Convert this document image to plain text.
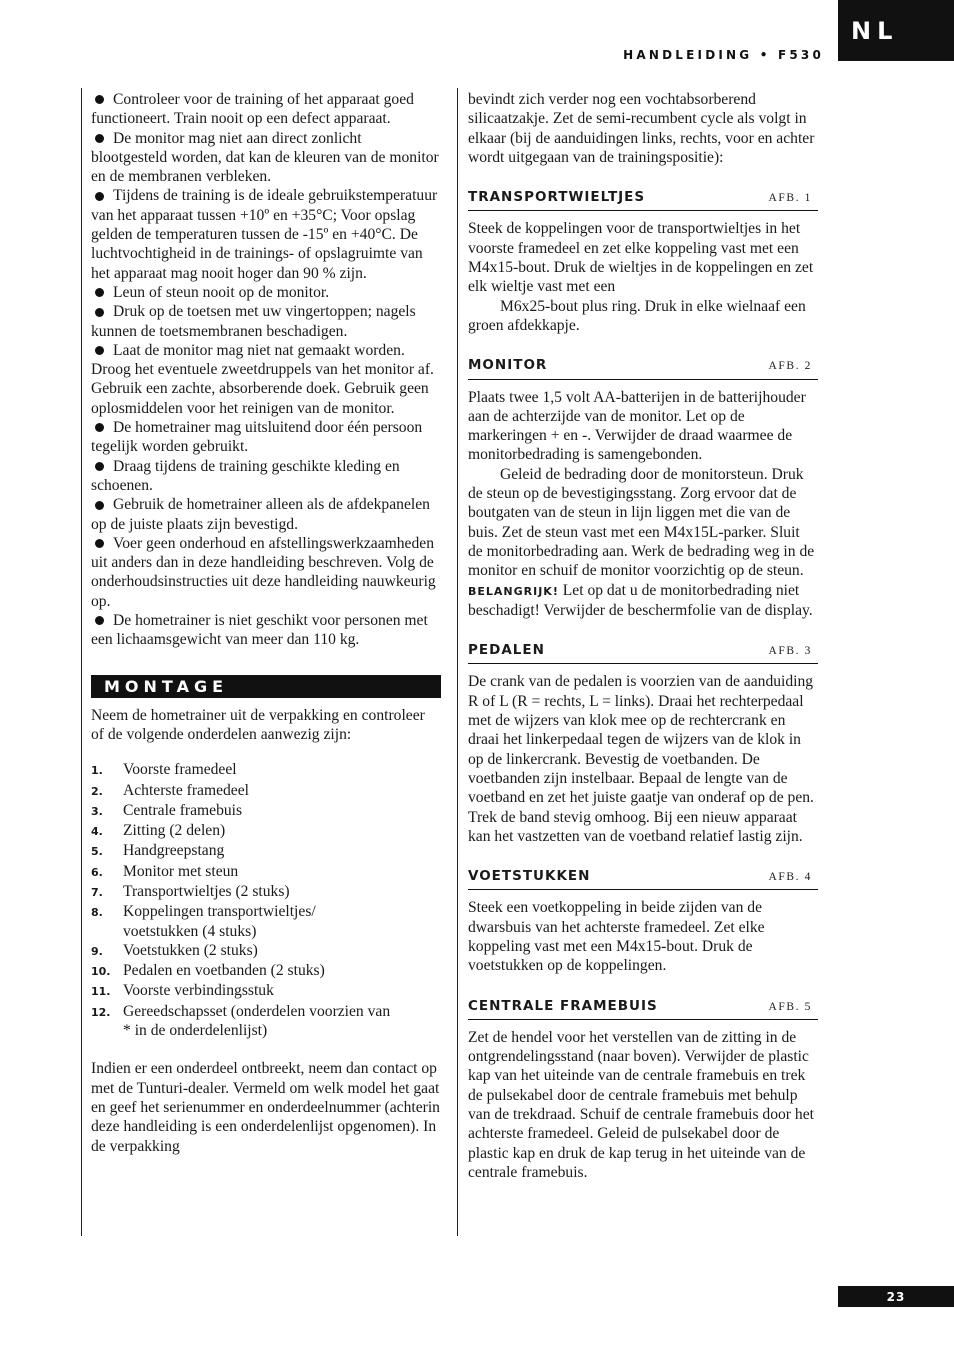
NL
HANDLEIDING • F530

Controleer voor de training of het apparaat goed functioneert. Train nooit op een defect apparaat.

De monitor mag niet aan direct zonlicht blootgesteld worden, dat kan de kleuren van de monitor en de membranen verbleken.

Tijdens de training is de ideale gebruikstemperatuur van het apparaat tussen +10º en +35°C; Voor opslag gelden de temperaturen tussen de -15º en +40°C. De luchtvochtigheid in de trainings- of opslagruimte van het apparaat mag nooit hoger dan 90 % zijn.

Leun of steun nooit op de monitor.

Druk op de toetsen met uw vingertoppen; nagels kunnen de toetsmembranen beschadigen.

Laat de monitor mag niet nat gemaakt worden. Droog het eventuele zweetdruppels van het monitor af. Gebruik een zachte, absorberende doek. Gebruik geen oplosmiddelen voor het reinigen van de monitor.

De hometrainer mag uitsluitend door één persoon tegelijk worden gebruikt.

Draag tijdens de training geschikte kleding en schoenen.

Gebruik de hometrainer alleen als de afdekpanelen op de juiste plaats zijn bevestigd.

Voer geen onderhoud en afstellingswerkzaamheden uit anders dan in deze handleiding beschreven. Volg de onderhoudsinstructies uit deze handleiding nauwkeurig op.

De hometrainer is niet geschikt voor personen met een lichaamsgewicht van meer dan 110 kg.

MONTAGE

Neem de hometrainer uit de verpakking en controleer of de volgende onderdelen aanwezig zijn:

1.	Voorste framedeel
2.	Achterste framedeel
3.	Centrale framebuis
4.	Zitting (2 delen)
5.	Handgreepstang
6.	Monitor met steun
7.	Transportwieltjes (2 stuks)
8.	Koppelingen transportwieltjes/ voetstukken (4 stuks)
9.	Voetstukken (2 stuks)
10. Pedalen en voetbanden (2 stuks)
11. Voorste verbindingsstuk
12. Gereedschapsset (onderdelen voorzien van * in de onderdelenlijst)

Indien er een onderdeel ontbreekt, neem dan contact op met de Tunturi-dealer. Vermeld om welk model het gaat en geef het serienummer en onderdeelnummer (achterin deze handleiding is een onderdelenlijst opgenomen). In de verpakking

bevindt zich verder nog een vochtabsorberend silicaatzakje. Zet de semi-recumbent cycle als volgt in elkaar (bij de aanduidingen links, rechts, voor en achter wordt uitgegaan van de trainingspositie):

TRANSPORTWIELTJES	AFB. 1

Steek de koppelingen voor de transportwieltjes in het voorste framedeel en zet elke koppeling vast met een M4x15-bout. Druk de wieltjes in de koppelingen en zet elk wieltje vast met een

M6x25-bout plus ring. Druk in elke wielnaaf een groen afdekkapje.

MONITOR	AFB. 2

Plaats twee 1,5 volt AA-batterijen in de batterijhouder aan de achterzijde van de monitor. Let op de markeringen + en -. Verwijder de draad waarmee de monitorbedrading is samengebonden.

Geleid de bedrading door de monitorsteun. Druk de steun op de bevestigingsstang. Zorg ervoor dat de boutgaten van de steun in lijn liggen met die van de buis. Zet de steun vast met een M4x15L-parker. Sluit de monitorbedrading aan. Werk de bedrading weg in de monitor en schuif de monitor voorzichtig op de steun. BELANGRIJK! Let op dat u de monitorbedrading niet beschadigt! Verwijder de beschermfolie van de display.

PEDALEN	AFB. 3

De crank van de pedalen is voorzien van de aanduiding R of L (R = rechts, L = links). Draai het rechterpedaal met de wijzers van klok mee op de rechtercrank en draai het linkerpedaal tegen de wijzers van de klok in op de linkercrank. Bevestig de voetbanden. De voetbanden zijn instelbaar. Bepaal de lengte van de voetband en zet het juiste gaatje van onderaf op de pen. Trek de band stevig omhoog. Bij een nieuw apparaat kan het vastzetten van de voetband relatief lastig zijn.

VOETSTUKKEN	AFB. 4

Steek een voetkoppeling in beide zijden van de dwarsbuis van het achterste framedeel. Zet elke koppeling vast met een M4x15-bout. Druk de voetstukken op de koppelingen.

CENTRALE FRAMEBUIS	AFB. 5

Zet de hendel voor het verstellen van de zitting in de ontgrendelingsstand (naar boven). Verwijder de plastic kap van het uiteinde van de centrale framebuis en trek de pulsekabel door de centrale framebuis met behulp van de trekdraad. Schuif de centrale framebuis door het achterste framedeel. Geleid de pulsekabel door de plastic kap en druk de kap terug in het uiteinde van de centrale framebuis.

23
